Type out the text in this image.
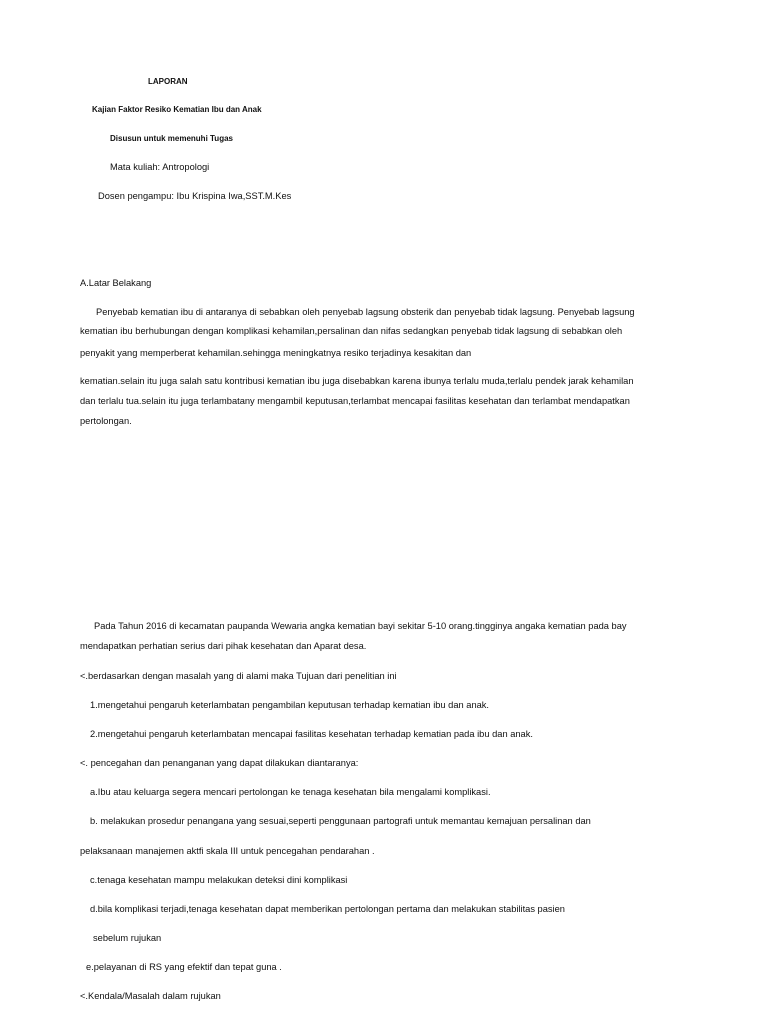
LAPORAN
Kajian Faktor Resiko Kematian Ibu dan Anak
Disusun untuk memenuhi Tugas
Mata kuliah: Antropologi
Dosen pengampu: Ibu Krispina Iwa,SST.M.Kes
A.Latar Belakang
Penyebab kematian ibu di antaranya di sebabkan oleh penyebab lagsung obsterik dan penyebab tidak lagsung. Penyebab lagsung
kematian ibu berhubungan dengan komplikasi kehamilan,persalinan dan nifas sedangkan penyebab tidak lagsung di sebabkan oleh
penyakit yang memperberat kehamilan.sehingga meningkatnya resiko terjadinya kesakitan dan
kematian.selain itu juga salah satu kontribusi kematian ibu juga disebabkan karena ibunya terlalu muda,terlalu pendek jarak kehamilan
dan terlalu tua.selain itu juga terlambatany mengambil keputusan,terlambat mencapai fasilitas kesehatan dan terlambat mendapatkan
pertolongan.
Pada Tahun 2016 di kecamatan paupanda Wewaria angka kematian bayi sekitar 5-10 orang.tingginya angaka kematian pada bay
mendapatkan perhatian serius dari pihak kesehatan dan Aparat desa.
<.berdasarkan dengan masalah yang di alami maka Tujuan dari penelitian ini
1.mengetahui pengaruh keterlambatan pengambilan keputusan terhadap kematian ibu dan anak.
2.mengetahui pengaruh keterlambatan mencapai fasilitas kesehatan terhadap kematian pada ibu dan anak.
<. pencegahan dan penanganan yang dapat dilakukan diantaranya:
a.Ibu atau keluarga segera mencari pertolongan ke tenaga kesehatan bila mengalami komplikasi.
b. melakukan prosedur penangana yang sesuai,seperti penggunaan partografi untuk memantau kemajuan persalinan dan
pelaksanaan manajemen aktfi skala III untuk pencegahan pendarahan .
c.tenaga kesehatan mampu melakukan deteksi dini komplikasi
d.bila komplikasi terjadi,tenaga kesehatan dapat memberikan pertolongan pertama dan melakukan stabilitas pasien
sebelum rujukan
e.pelayanan di RS yang efektif dan tepat guna .
<.Kendala/Masalah dalam rujukan
